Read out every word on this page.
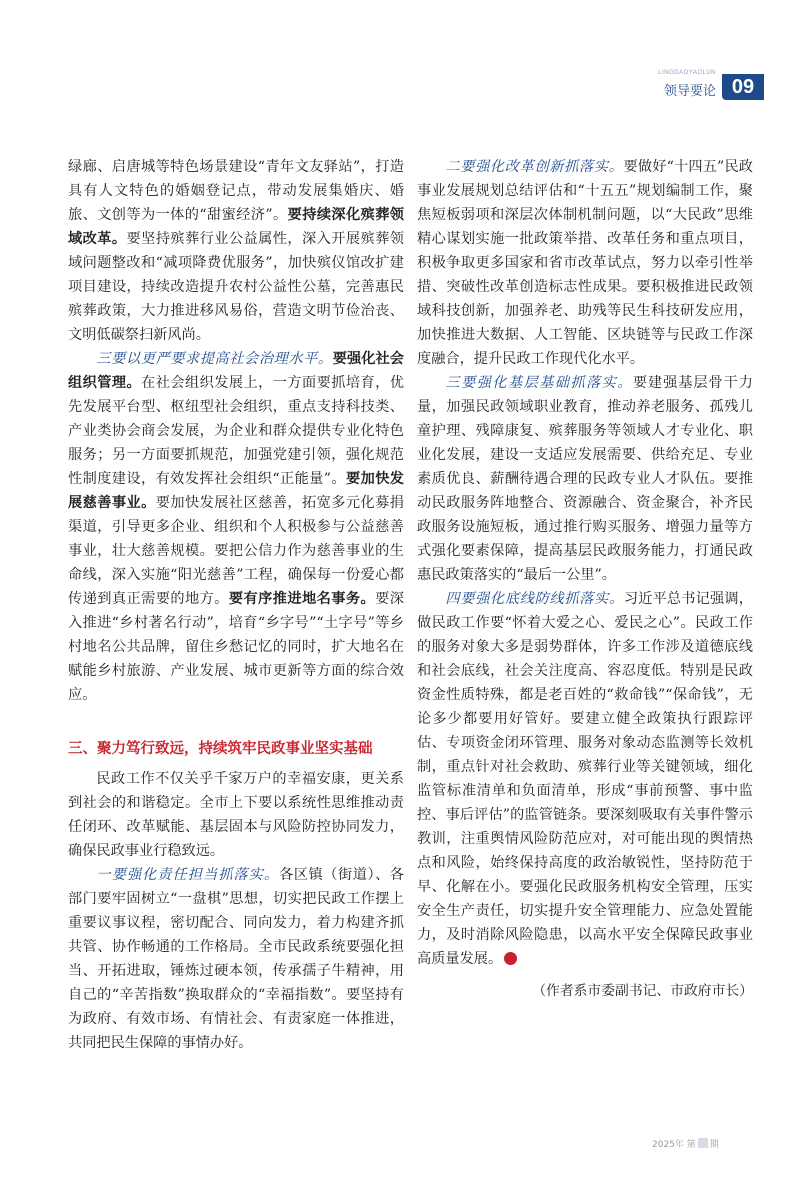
LINGDAOYAOLUN
领导要论 09

绿廊、启唐城等特色场景建设“青年文友驿站”，打造具有人文特色的婚姻登记点，带动发展集婚庆、婚旅、文创等为一体的“甜蜜经济”。要持续深化殡葬领域改革。要坚持殡葬行业公益属性，深入开展殡葬领域问题整改和“减项降费优服务”，加快殡仪馆改扩建项目建设，持续改造提升农村公益性公墓，完善惠民殡葬政策，大力推进移风易俗，营造文明节俭治丧、文明低碳祭扫新风尚。

三要以更严要求提高社会治理水平。要强化社会组织管理。在社会组织发展上，一方面要抓培育，优先发展平台型、枢纽型社会组织，重点支持科技类、产业类协会商会发展，为企业和群众提供专业化特色服务；另一方面要抓规范，加强党建引领，强化规范性制度建设，有效发挥社会组织“正能量”。要加快发展慈善事业。要加快发展社区慈善，拓宽多元化募捐渠道，引导更多企业、组织和个人积极参与公益慈善事业，壮大慈善规模。要把公信力作为慈善事业的生命线，深入实施“阳光慈善”工程，确保每一份爱心都传递到真正需要的地方。要有序推进地名事务。要深入推进“乡村著名行动”，培育“乡字号”“土字号”等乡村地名公共品牌，留住乡愁记忆的同时，扩大地名在赋能乡村旅游、产业发展、城市更新等方面的综合效应。

三、聚力笃行致远，持续筑牢民政事业坚实基础

民政工作不仅关乎千家万户的幸福安康，更关系到社会的和谐稳定。全市上下要以系统性思维推动责任闭环、改革赋能、基层固本与风险防控协同发力，确保民政事业行稳致远。

一要强化责任担当抓落实。各区镇（街道）、各部门要牢固树立“一盘棋”思想，切实把民政工作摆上重要议事议程，密切配合、同向发力，着力构建齐抓共管、协作畅通的工作格局。全市民政系统要强化担当、开拓进取，锤炼过硬本领，传承孺子牛精神，用自己的“辛苦指数”换取群众的“幸福指数”。要坚持有为政府、有效市场、有情社会、有责家庭一体推进，共同把民生保障的事情办好。

二要强化改革创新抓落实。要做好“十四五”民政事业发展规划总结评估和“十五五”规划编制工作，聚焦短板弱项和深层次体制机制问题，以“大民政”思维精心谋划实施一批政策举措、改革任务和重点项目，积极争取更多国家和省市改革试点，努力以牵引性举措、突破性改革创造标志性成果。要积极推进民政领域科技创新，加强养老、助残等民生科技研发应用，加快推进大数据、人工智能、区块链等与民政工作深度融合，提升民政工作现代化水平。

三要强化基层基础抓落实。要建强基层骨干力量，加强民政领域职业教育，推动养老服务、孤残儿童护理、残障康复、殡葬服务等领域人才专业化、职业化发展，建设一支适应发展需要、供给充足、专业素质优良、薪酬待遇合理的民政专业人才队伍。要推动民政服务阵地整合、资源融合、资金聚合，补齐民政服务设施短板，通过推行购买服务、增强力量等方式强化要素保障，提高基层民政服务能力，打通民政惠民政策落实的“最后一公里”。

四要强化底线防线抓落实。习近平总书记强调，做民政工作要“怀着大爱之心、爱民之心”。民政工作的服务对象大多是弱势群体，许多工作涉及道德底线和社会底线，社会关注度高、容忍度低。特别是民政资金性质特殊，都是老百姓的“救命钱”“保命钱”，无论多少都要用好管好。要建立健全政策执行跟踪评估、专项资金闭环管理、服务对象动态监测等长效机制，重点针对社会救助、殡葬行业等关键领域，细化监管标准清单和负面清单，形成“事前预警、事中监控、事后评估”的监管链条。要深刻吸取有关事件警示教训，注重舆情风险防范应对，对可能出现的舆情热点和风险，始终保持高度的政治敏锐性，坚持防范于早、化解在小。要强化民政服务机构安全管理，压实安全生产责任，切实提升安全管理能力、应急处置能力，及时消除风险隐患，以高水平安全保障民政事业高质量发展。

（作者系市委副书记、市政府市长）

2025年 第 期
